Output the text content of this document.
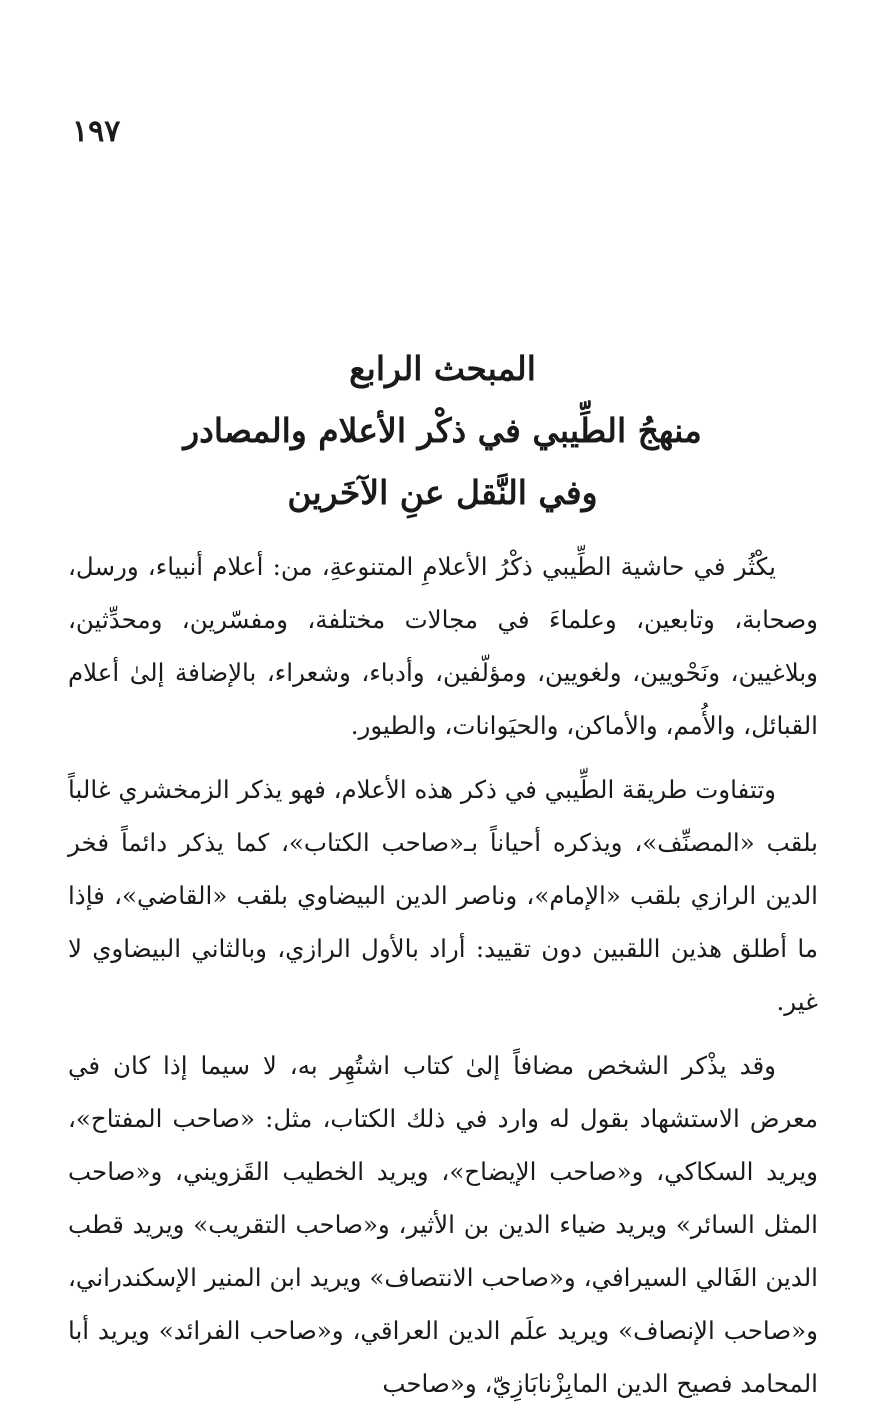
١٩٧
المبحث الرابع
منهجُ الطِّيبي في ذكْر الأعلام والمصادر
وفي النَّقل عنِ الآخَرين

يكْثُر في حاشية الطِّيبي ذكْرُ الأعلامِ المتنوعةِ، من: أعلام أنبياء، ورسل، وصحابة، وتابعين، وعلماءَ في مجالات مختلفة، ومفسّرين، ومحدِّثين، وبلاغيين، ونَحْويين، ولغويين، ومؤلّفين، وأدباء، وشعراء، بالإضافة إلىٰ أعلام القبائل، والأُمم، والأماكن، والحيَوانات، والطيور.

وتتفاوت طريقة الطِّيبي في ذكر هذه الأعلام، فهو يذكر الزمخشري غالباً بلقب «المصنِّف»، ويذكره أحياناً بـ«صاحب الكتاب»، كما يذكر دائماً فخر الدين الرازي بلقب «الإمام»، وناصر الدين البيضاوي بلقب «القاضي»، فإذا ما أطلق هذين اللقبين دون تقييد: أراد بالأول الرازي، وبالثاني البيضاوي لا غير.

وقد يذْكر الشخص مضافاً إلىٰ كتاب اشتُهِر به، لا سيما إذا كان في معرض الاستشهاد بقول له وارد في ذلك الكتاب، مثل: «صاحب المفتاح»، ويريد السكاكي، و«صاحب الإيضاح»، ويريد الخطيب القَزويني، و«صاحب المثل السائر» ويريد ضياء الدين بن الأثير، و«صاحب التقريب» ويريد قطب الدين الفَالي السيرافي، و«صاحب الانتصاف» ويريد ابن المنير الإسكندراني، و«صاحب الإنصاف» ويريد علَم الدين العراقي، و«صاحب الفرائد» ويريد أبا المحامد فصيح الدين المابِزْنابَازِيّ، و«صاحب
